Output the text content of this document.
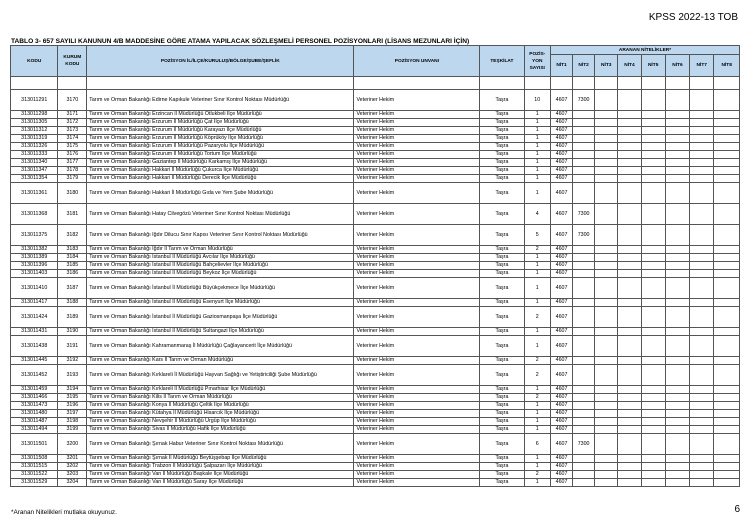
KPSS 2022-13 TOB
TABLO 3- 657 SAYILI KANUNUN 4/B MADDESİNE GÖRE ATAMA YAPILACAK SÖZLEŞMELİ PERSONEL POZİSYONLARI (LİSANS MEZUNLARI İÇİN)
KODU	KURUM KODU	POZİSYON İL/İLÇE/KURULUŞ/BÖLGE/ŞUBE/ŞEFLİK	POZİSYON UNVANI	TEŞKİLAT	POZİS-YON SAYISI	ARANAN NİTELİKLER*							
						NİT1	NİT2	NİT3	NİT4	NİT5	NİT6	NİT7	NİT8

313011291	3170	Tarım ve Orman Bakanlığı Edirne Kapıkule Veteriner Sınır Kontrol Noktası Müdürlüğü	Veteriner Hekim	Taşra	10	4607	7300						
313011298	3171	Tarım ve Orman Bakanlığı Erzincan İl Müdürlüğü Otlukbeli İlçe Müdürlüğü	Veteriner Hekim	Taşra	1	4607							
313011305	3172	Tarım ve Orman Bakanlığı Erzurum İl Müdürlüğü Çat İlçe Müdürlüğü	Veteriner Hekim	Taşra	1	4607							
313011312	3173	Tarım ve Orman Bakanlığı Erzurum İl Müdürlüğü Karayazı İlçe Müdürlüğü	Veteriner Hekim	Taşra	1	4607							
313011319	3174	Tarım ve Orman Bakanlığı Erzurum İl Müdürlüğü Köprüköy İlçe Müdürlüğü	Veteriner Hekim	Taşra	1	4607							
313011326	3175	Tarım ve Orman Bakanlığı Erzurum İl Müdürlüğü Pazaryolu İlçe Müdürlüğü	Veteriner Hekim	Taşra	1	4607							
313011333	3176	Tarım ve Orman Bakanlığı Erzurum İl Müdürlüğü Tortum İlçe Müdürlüğü	Veteriner Hekim	Taşra	1	4607							
313011340	3177	Tarım ve Orman Bakanlığı Gaziantep İl Müdürlüğü Karkamış İlçe Müdürlüğü	Veteriner Hekim	Taşra	1	4607							
313011347	3178	Tarım ve Orman Bakanlığı Hakkari İl Müdürlüğü Çukurca İlçe Müdürlüğü	Veteriner Hekim	Taşra	1	4607							
313011354	3179	Tarım ve Orman Bakanlığı Hakkari İl Müdürlüğü Derecik İlçe Müdürlüğü	Veteriner Hekim	Taşra	1	4607							
313011361	3180	Tarım ve Orman Bakanlığı Hakkari İl Müdürlüğü Gıda ve Yem Şube Müdürlüğü	Veteriner Hekim	Taşra	1	4607							
313011368	3181	Tarım ve Orman Bakanlığı Hatay Cilvegözü Veteriner Sınır Kontrol Noktası Müdürlüğü	Veteriner Hekim	Taşra	4	4607	7300						
313011375	3182	Tarım ve Orman Bakanlığı Iğdır Dilucu Sınır Kapısı Veteriner Sınır Kontrol Noktası Müdürlüğü	Veteriner Hekim	Taşra	5	4607	7300						
313011382	3183	Tarım ve Orman Bakanlığı Iğdır İl Tarım ve Orman Müdürlüğü	Veteriner Hekim	Taşra	2	4607							
313011389	3184	Tarım ve Orman Bakanlığı İstanbul İl Müdürlüğü Avcılar İlçe Müdürlüğü	Veteriner Hekim	Taşra	1	4607							
313011396	3185	Tarım ve Orman Bakanlığı İstanbul İl Müdürlüğü Bahçelievler İlçe Müdürlüğü	Veteriner Hekim	Taşra	1	4607							
313011403	3186	Tarım ve Orman Bakanlığı İstanbul İl Müdürlüğü Beykoz İlçe Müdürlüğü	Veteriner Hekim	Taşra	1	4607							
313011410	3187	Tarım ve Orman Bakanlığı İstanbul İl Müdürlüğü Büyükçekmece İlçe Müdürlüğü	Veteriner Hekim	Taşra	1	4607							
313011417	3188	Tarım ve Orman Bakanlığı İstanbul İl Müdürlüğü Esenyurt İlçe Müdürlüğü	Veteriner Hekim	Taşra	1	4607							
313011424	3189	Tarım ve Orman Bakanlığı İstanbul İl Müdürlüğü Gaziosmanpaşa İlçe Müdürlüğü	Veteriner Hekim	Taşra	2	4607							
313011431	3190	Tarım ve Orman Bakanlığı İstanbul İl Müdürlüğü Sultangazi İlçe Müdürlüğü	Veteriner Hekim	Taşra	1	4607							
313011438	3191	Tarım ve Orman Bakanlığı Kahramanmaraş İl Müdürlüğü Çağlayancerit İlçe Müdürlüğü	Veteriner Hekim	Taşra	1	4607							
313011445	3192	Tarım ve Orman Bakanlığı Kars İl Tarım ve Orman Müdürlüğü	Veteriner Hekim	Taşra	2	4607							
313011452	3193	Tarım ve Orman Bakanlığı Kırklareli İl Müdürlüğü Hayvan Sağlığı ve Yetiştiriciliği Şube Müdürlüğü	Veteriner Hekim	Taşra	2	4607							
313011459	3194	Tarım ve Orman Bakanlığı Kırklareli İl Müdürlüğü Pınarhisar İlçe Müdürlüğü	Veteriner Hekim	Taşra	1	4607							
313011466	3195	Tarım ve Orman Bakanlığı Kilis İl Tarım ve Orman Müdürlüğü	Veteriner Hekim	Taşra	2	4607							
313011473	3196	Tarım ve Orman Bakanlığı Konya İl Müdürlüğü Çeltik İlçe Müdürlüğü	Veteriner Hekim	Taşra	1	4607							
313011480	3197	Tarım ve Orman Bakanlığı Kütahya İl Müdürlüğü Hisarcık İlçe Müdürlüğü	Veteriner Hekim	Taşra	1	4607							
313011487	3198	Tarım ve Orman Bakanlığı Nevşehir İl Müdürlüğü Ürgüp İlçe Müdürlüğü	Veteriner Hekim	Taşra	1	4607							
313011494	3199	Tarım ve Orman Bakanlığı Sivas İl Müdürlüğü Hafik İlçe Müdürlüğü	Veteriner Hekim	Taşra	1	4607							
313011501	3200	Tarım ve Orman Bakanlığı Şırnak Habur Veteriner Sınır Kontrol Noktası Müdürlüğü	Veteriner Hekim	Taşra	6	4607	7300						
313011508	3201	Tarım ve Orman Bakanlığı Şırnak İl Müdürlüğü Beytüşşebap İlçe Müdürlüğü	Veteriner Hekim	Taşra	1	4607							
313011515	3202	Tarım ve Orman Bakanlığı Trabzon İl Müdürlüğü Şalpazarı İlçe Müdürlüğü	Veteriner Hekim	Taşra	1	4607							
313011522	3203	Tarım ve Orman Bakanlığı Van İl Müdürlüğü Başkale İlçe Müdürlüğü	Veteriner Hekim	Taşra	2	4607							
313011529	3204	Tarım ve Orman Bakanlığı Van İl Müdürlüğü Saray İlçe Müdürlüğü	Veteriner Hekim	Taşra	1	4607							
*Aranan Nitelikleri mutlaka okuyunuz.	6
